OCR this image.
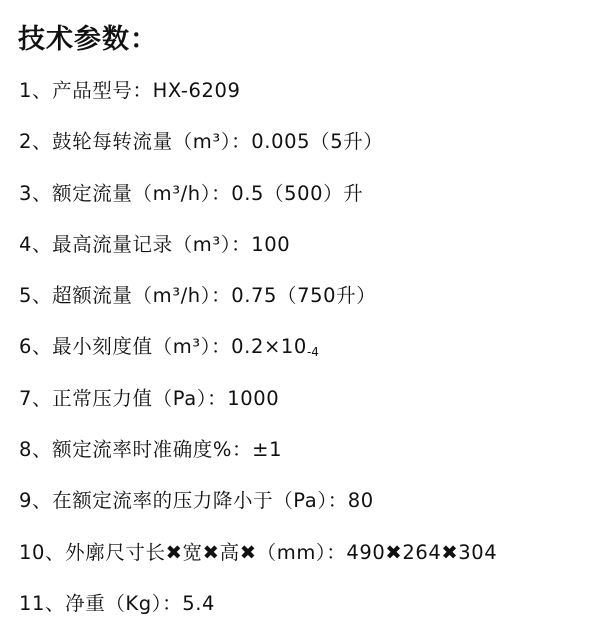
技术参数：
1、产品型号：HX-6209
2、鼓轮每转流量（m³）：0.005（5升）
3、额定流量（m³/h）：0.5（500）升
4、最高流量记录（m³）：100
5、超额流量（m³/h）：0.75（750升）
6、最小刻度值（m³）：$0.2\times 10_{-4}$
7、正常压力值（Pa）：1000
8、额定流率时准确度%：±1
9、在额定流率的压力降小于（Pa）：80
10、外廓尺寸长✖宽✖高✖（mm）：490✖264✖304
11、净重（Kg）：5.4
